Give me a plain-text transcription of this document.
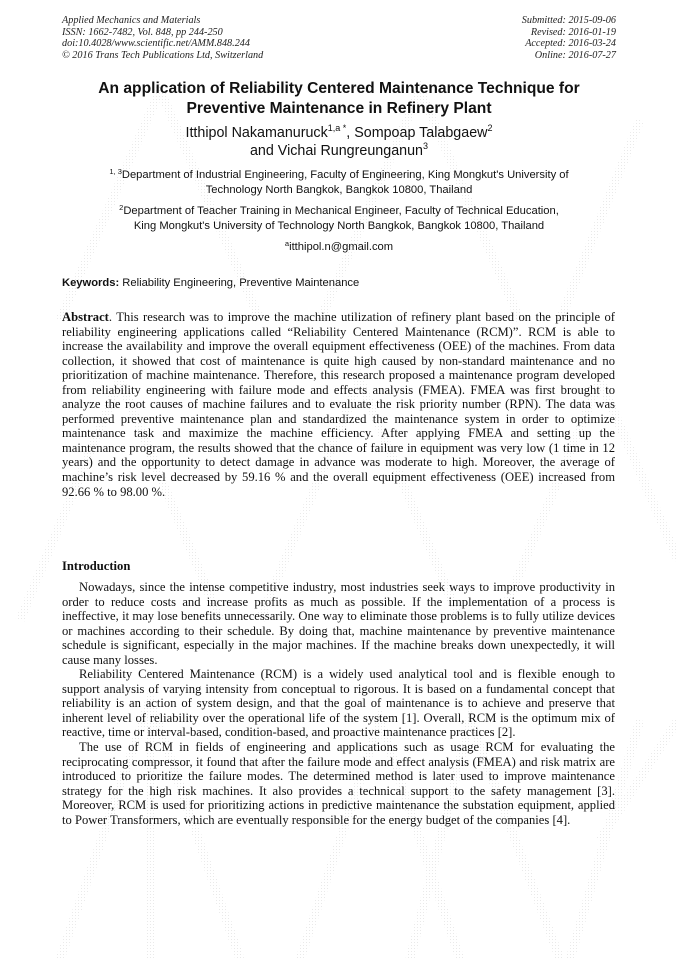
Applied Mechanics and Materials
ISSN: 1662-7482, Vol. 848, pp 244-250
doi:10.4028/www.scientific.net/AMM.848.244
© 2016 Trans Tech Publications Ltd, Switzerland
Submitted: 2015-09-06
Revised: 2016-01-19
Accepted: 2016-03-24
Online: 2016-07-27
An application of Reliability Centered Maintenance Technique for
Preventive Maintenance in Refinery Plant
Itthipol Nakamanuruck$^{1,a *}$, Sompoap Talabgaew$^2$
and Vichai Rungreunganun$^3$
$^{1, 3}$Department of Industrial Engineering, Faculty of Engineering, King Mongkut's University of
Technology North Bangkok, Bangkok 10800, Thailand
$^2$Department of Teacher Training in Mechanical Engineer, Faculty of Technical Education,
King Mongkut's University of Technology North Bangkok, Bangkok 10800, Thailand
$^a$itthipol.n@gmail.com
Keywords: Reliability Engineering, Preventive Maintenance
Abstract. This research was to improve the machine utilization of refinery plant based on the principle of reliability engineering applications called “Reliability Centered Maintenance (RCM)”. RCM is able to increase the availability and improve the overall equipment effectiveness (OEE) of the machines. From data collection, it showed that cost of maintenance is quite high caused by non-standard maintenance and no prioritization of machine maintenance. Therefore, this research proposed a maintenance program developed from reliability engineering with failure mode and effects analysis (FMEA). FMEA was first brought to analyze the root causes of machine failures and to evaluate the risk priority number (RPN). The data was performed preventive maintenance plan and standardized the maintenance system in order to optimize maintenance task and maximize the machine efficiency. After applying FMEA and setting up the maintenance program, the results showed that the chance of failure in equipment was very low (1 time in 12 years) and the opportunity to detect damage in advance was moderate to high. Moreover, the average of machine’s risk level decreased by 59.16 % and the overall equipment effectiveness (OEE) increased from 92.66 % to 98.00 %.
Introduction

Nowadays, since the intense competitive industry, most industries seek ways to improve productivity in order to reduce costs and increase profits as much as possible. If the implementation of a process is ineffective, it may lose benefits unnecessarily. One way to eliminate those problems is to fully utilize devices or machines according to their schedule. By doing that, machine maintenance by preventive maintenance schedule is significant, especially in the major machines. If the machine breaks down unexpectedly, it will cause many losses.

Reliability Centered Maintenance (RCM) is a widely used analytical tool and is flexible enough to support analysis of varying intensity from conceptual to rigorous. It is based on a fundamental concept that reliability is an action of system design, and that the goal of maintenance is to achieve and preserve that inherent level of reliability over the operational life of the system [1]. Overall, RCM is the optimum mix of reactive, time or interval-based, condition-based, and proactive maintenance practices [2].

The use of RCM in fields of engineering and applications such as usage RCM for evaluating the reciprocating compressor, it found that after the failure mode and effect analysis (FMEA) and risk matrix are introduced to prioritize the failure modes. The determined method is later used to improve maintenance strategy for the high risk machines. It also provides a technical support to the safety management [3]. Moreover, RCM is used for prioritizing actions in predictive maintenance the substation equipment, applied to Power Transformers, which are eventually responsible for the energy budget of the companies [4].
